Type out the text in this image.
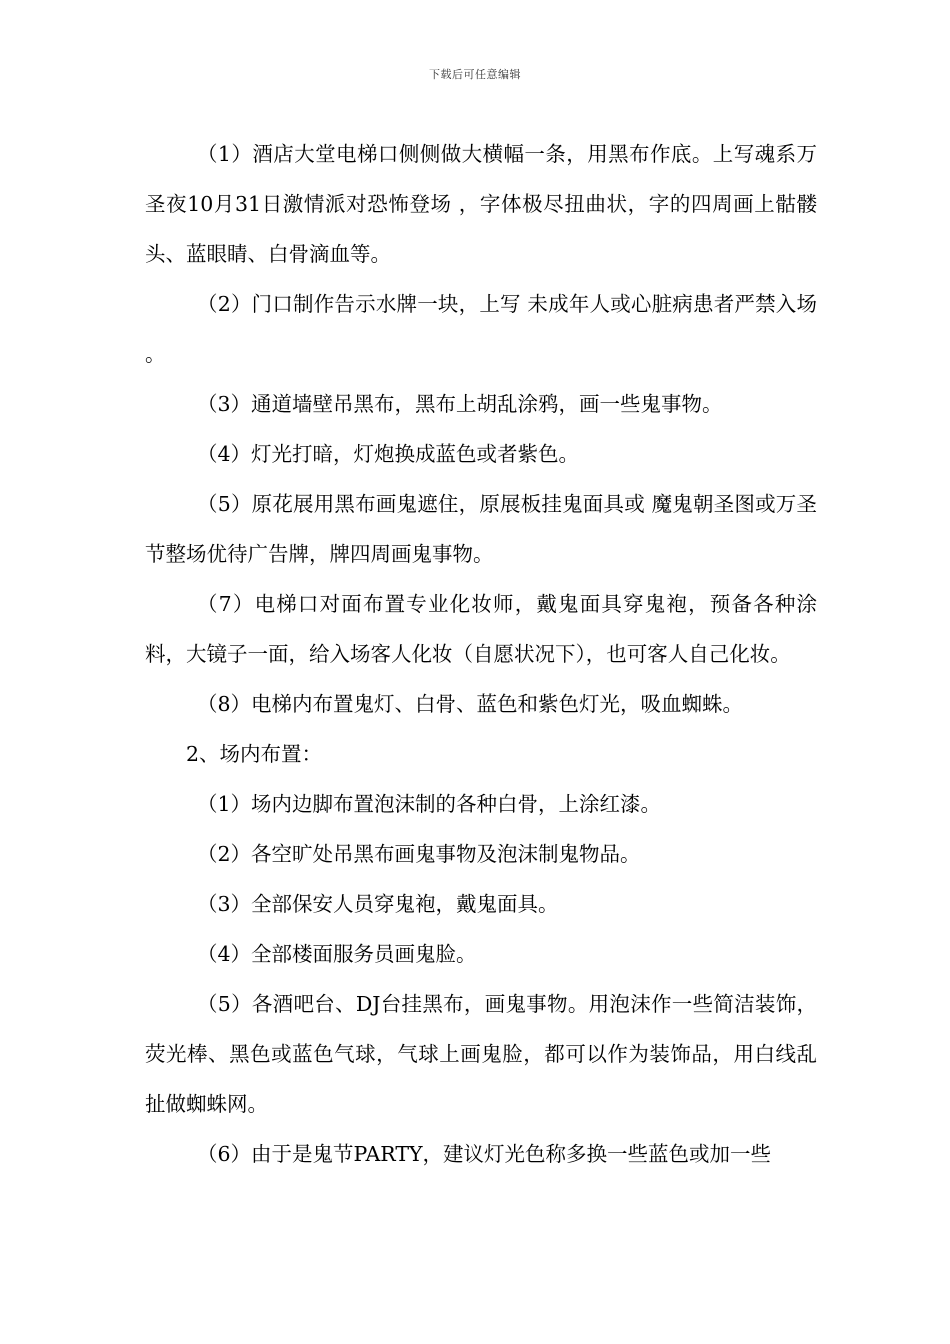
下载后可任意编辑

（1）酒店大堂电梯口侧侧做大横幅一条，用黑布作底。上写魂系万圣夜10月31日激情派对恐怖登场 ，字体极尽扭曲状，字的四周画上骷髅头、蓝眼睛、白骨滴血等。

（2）门口制作告示水牌一块，上写 未成年人或心脏病患者严禁入场 。

（3）通道墙壁吊黑布，黑布上胡乱涂鸦，画一些鬼事物。

（4）灯光打暗，灯炮换成蓝色或者紫色。

（5）原花展用黑布画鬼遮住，原展板挂鬼面具或 魔鬼朝圣图或万圣节整场优待广告牌，牌四周画鬼事物。

（7）电梯口对面布置专业化妆师，戴鬼面具穿鬼袍，预备各种涂料，大镜子一面，给入场客人化妆（自愿状况下），也可客人自己化妆。

（8）电梯内布置鬼灯、白骨、蓝色和紫色灯光，吸血蜘蛛。

2、场内布置：

（1）场内边脚布置泡沫制的各种白骨，上涂红漆。

（2）各空旷处吊黑布画鬼事物及泡沫制鬼物品。

（3）全部保安人员穿鬼袍，戴鬼面具。

（4）全部楼面服务员画鬼脸。

（5）各酒吧台、DJ台挂黑布，画鬼事物。用泡沫作一些简洁装饰，荧光棒、黑色或蓝色气球，气球上画鬼脸，都可以作为装饰品，用白线乱扯做蜘蛛网。

（6）由于是鬼节PARTY，建议灯光色称多换一些蓝色或加一些
